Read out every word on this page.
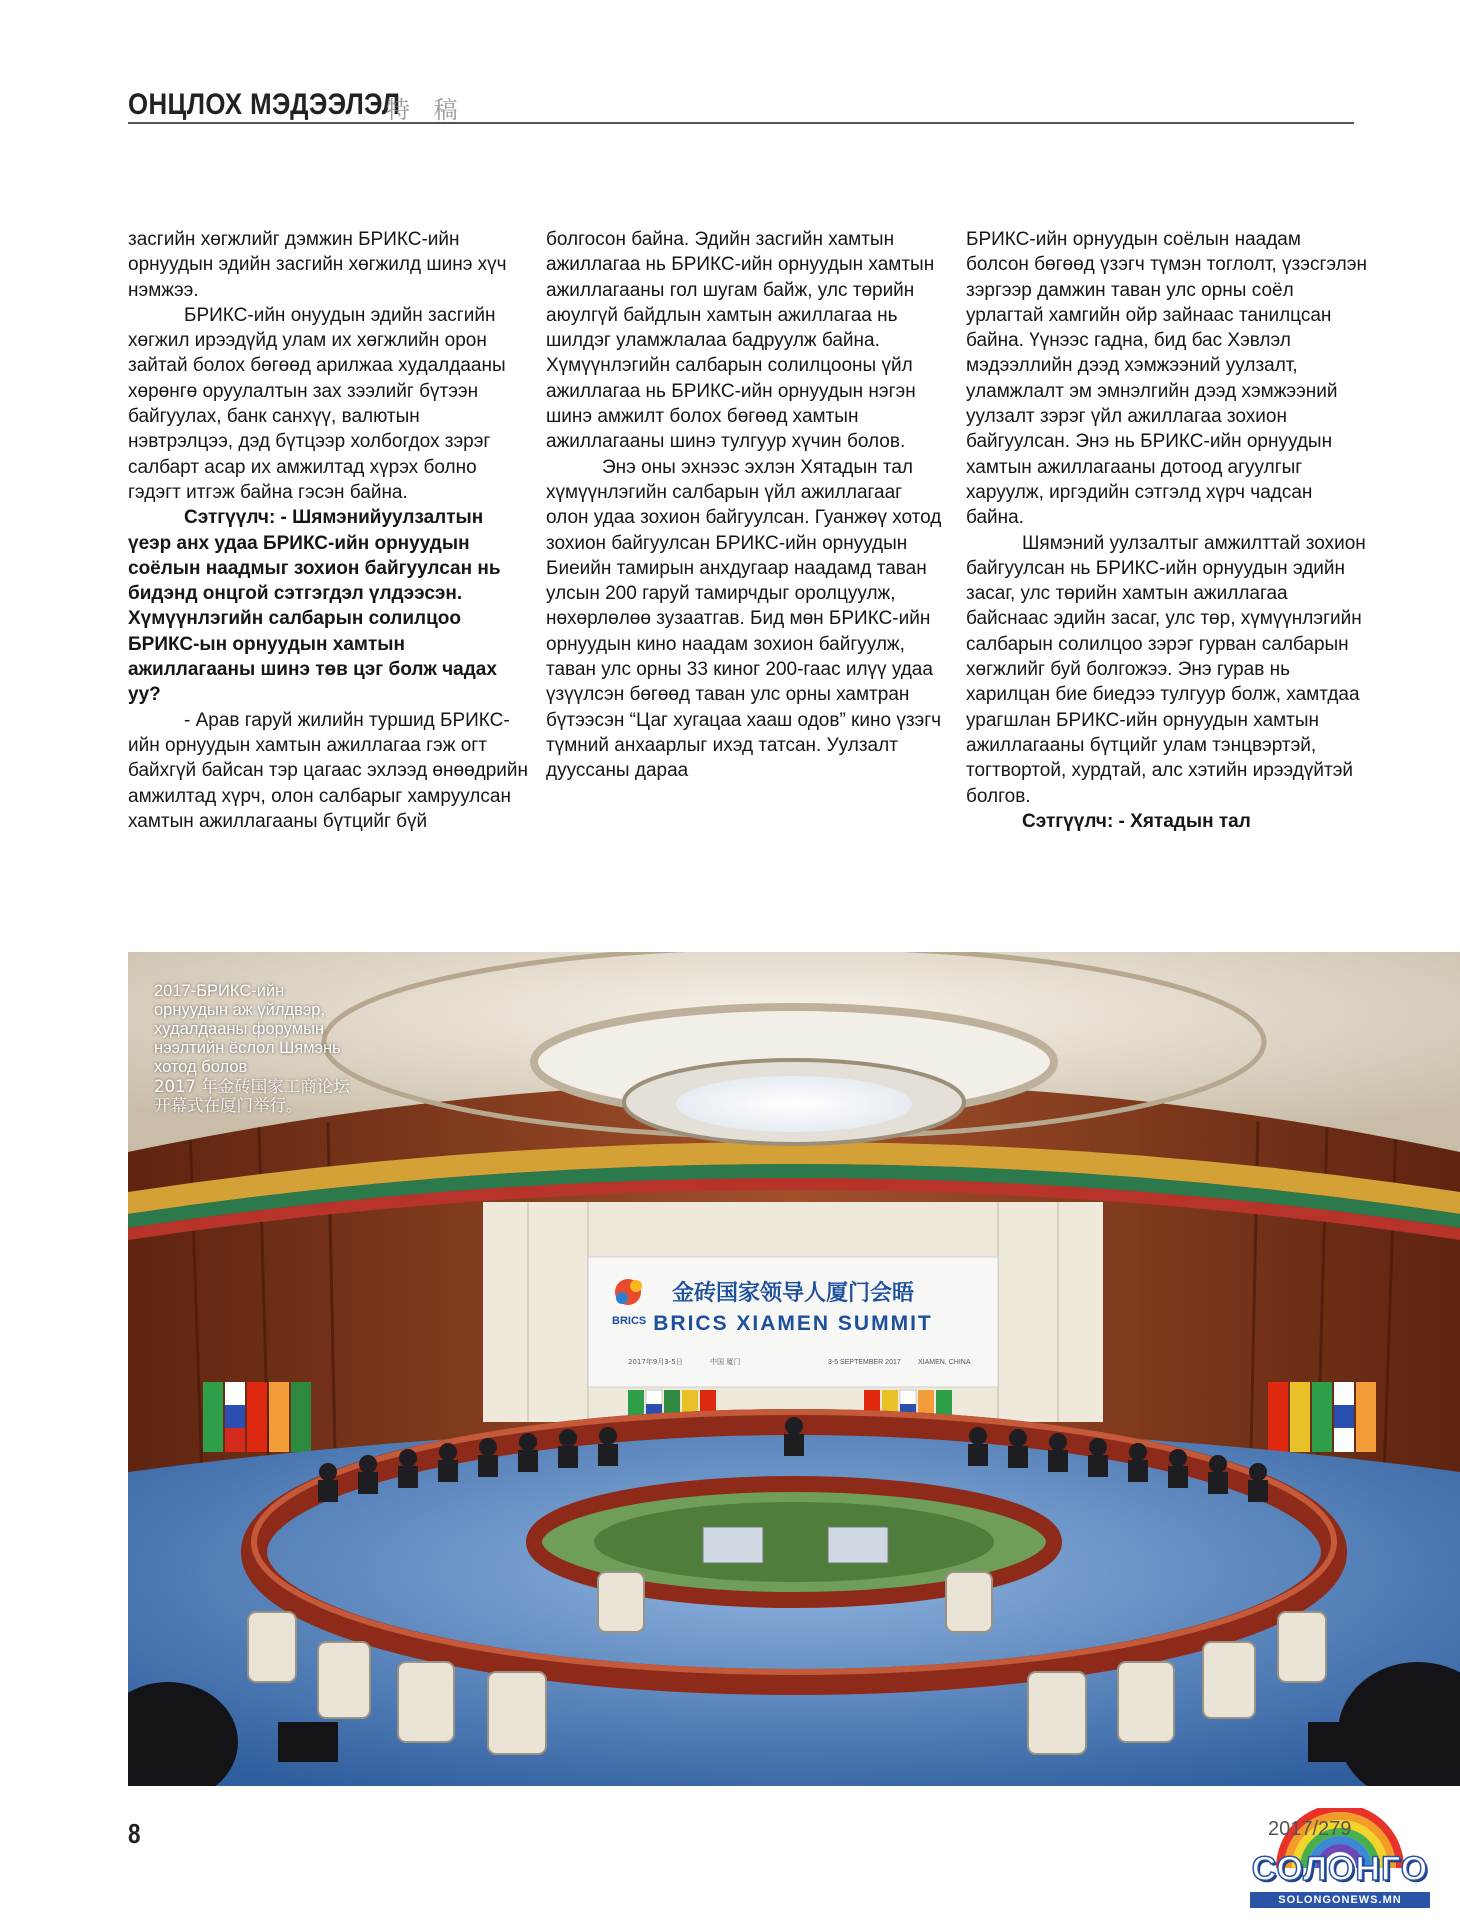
ОНЦЛОХ МЭДЭЭЛЭЛ
特 稿

засгийн хөгжлийг дэмжин БРИКС-ийн орнуудын эдийн засгийн хөгжилд шинэ хүч нэмжээ.

БРИКС-ийн онуудын эдийн засгийн хөгжил ирээдүйд улам их хөгжлийн орон зайтай болох бөгөөд арилжаа худалдааны хөрөнгө оруулалтын зах зээлийг бүтээн байгуулах, банк санхүү, валютын нэвтрэлцээ, дэд бүтцээр холбогдох зэрэг салбарт асар их амжилтад хүрэх болно гэдэгт итгэж байна гэсэн байна.

Сэтгүүлч: - Шямэнийуулзалтын үеэр анх удаа БРИКС-ийн орнуудын соёлын наадмыг зохион байгуулсан нь бидэнд онцгой сэтгэгдэл үлдээсэн. Хүмүүнлэгийн салбарын солилцоо БРИКС-ын орнуудын хамтын ажиллагааны шинэ төв цэг болж чадах уу?

- Арав гаруй жилийн туршид БРИКС-ийн орнуудын хамтын ажиллагаа гэж огт байхгүй байсан тэр цагаас эхлээд өнөөдрийн амжилтад хүрч, олон салбарыг хамруулсан хамтын ажиллагааны бүтцийг бүй

болгосон байна. Эдийн засгийн хамтын ажиллагаа нь БРИКС-ийн орнуудын хамтын ажиллагааны гол шугам байж, улс төрийн аюулгүй байдлын хамтын ажиллагаа нь шилдэг уламжлалаа бадруулж байна. Хүмүүнлэгийн салбарын солилцооны үйл ажиллагаа нь БРИКС-ийн орнуудын нэгэн шинэ амжилт болох бөгөөд хамтын ажиллагааны шинэ тулгуур хүчин болов.

Энэ оны эхнээс эхлэн Хятадын тал хүмүүнлэгийн салбарын үйл ажиллагааг олон удаа зохион байгуулсан. Гуанжөү хотод зохион байгуулсан БРИКС-ийн орнуудын Биеийн тамирын анхдугаар наадамд таван улсын 200 гаруй тамирчдыг оролцуулж, нөхөрлөлөө зузаатгав. Бид мөн БРИКС-ийн орнуудын кино наадам зохион байгуулж, таван улс орны 33 киног 200-гаас илүү удаа үзүүлсэн бөгөөд таван улс орны хамтран бүтээсэн “Цаг хугацаа хааш одов” кино үзэгч түмний анхаарлыг ихэд татсан. Уулзалт дууссаны дараа

БРИКС-ийн орнуудын соёлын наадам болсон бөгөөд үзэгч түмэн тоглолт, үзэсгэлэн зэргээр дамжин таван улс орны соёл урлагтай хамгийн ойр зайнаас танилцсан байна. Үүнээс гадна, бид бас Хэвлэл мэдээллийн дээд хэмжээний уулзалт, уламжлалт эм эмнэлгийн дээд хэмжээний уулзалт зэрэг үйл ажиллагаа зохион байгуулсан. Энэ нь БРИКС-ийн орнуудын хамтын ажиллагааны дотоод агуулгыг харуулж, иргэдийн сэтгэлд хүрч чадсан байна.

Шямэний уулзалтыг амжилттай зохион байгуулсан нь БРИКС-ийн орнуудын эдийн засаг, улс төрийн хамтын ажиллагаа байснаас эдийн засаг, улс төр, хүмүүнлэгийн салбарын солилцоо зэрэг гурван салбарын хөгжлийг буй болгожээ. Энэ гурав нь харилцан бие биедээ тулгуур болж, хамтдаа урагшлан БРИКС-ийн орнуудын хамтын ажиллагааны бүтцийг улам тэнцвэртэй, тогтвортой, хурдтай, алс хэтийн ирээдүйтэй болгов.

Сэтгүүлч: - Хятадын тал

BRICS
金砖国家领导人厦门会晤
BRICS XIAMEN SUMMIT
2017年9月3-5日	中国 厦门	3-5 SEPTEMBER 2017 XIAMEN, CHINA

2017-БРИКС-ийн

орнуудын аж үйлдвэр,

худалдааны форумын

нээлтийн ёслол Шямэнь

хотод болов

2017 年金砖国家工商论坛

开幕式在厦门举行。

8	2017/279
СОЛОНГО
SOLONGONEWS.MN
